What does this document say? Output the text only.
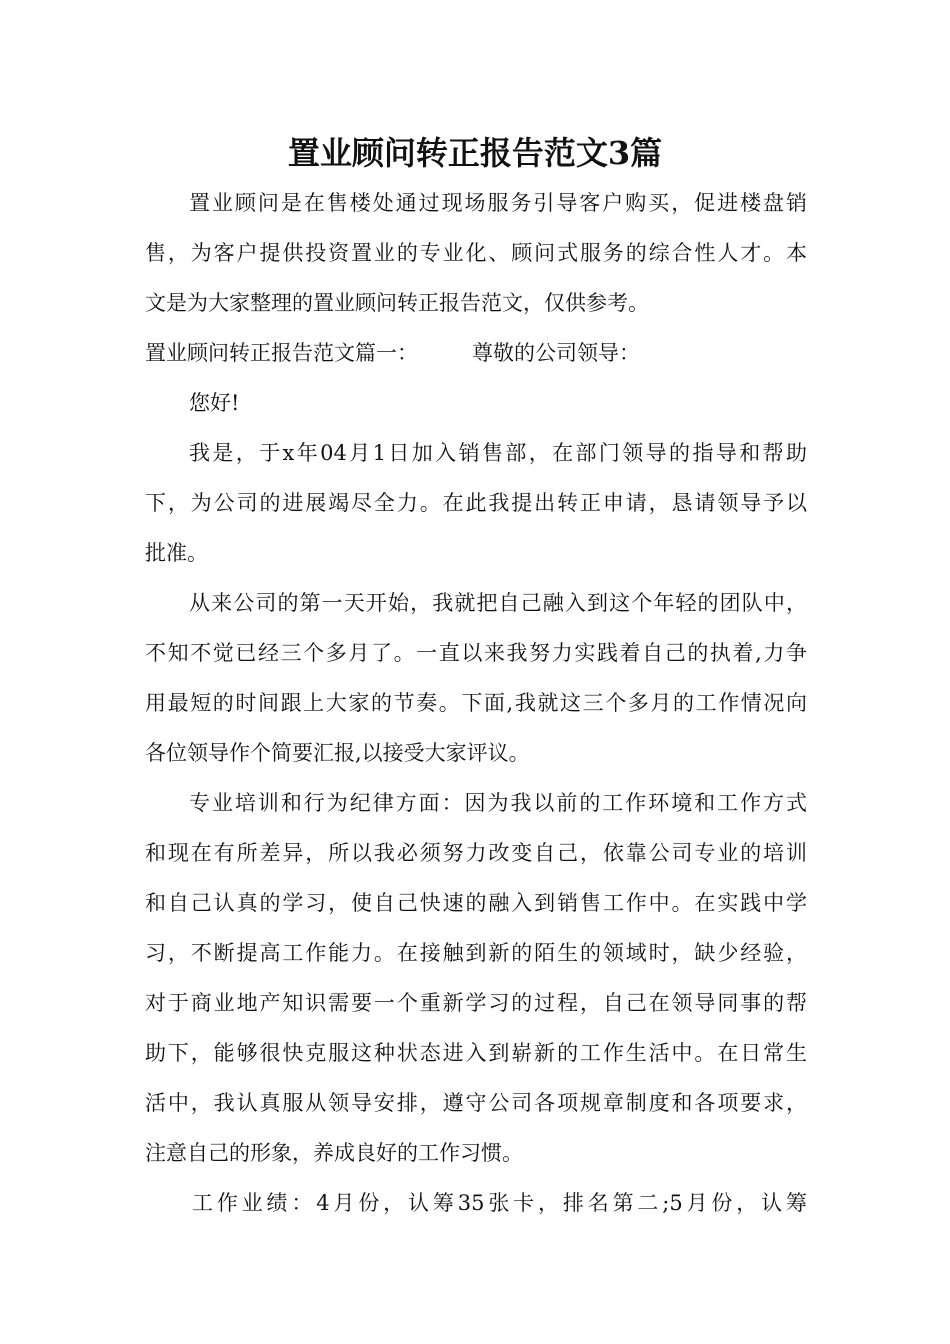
置业顾问转正报告范文3篇
置业顾问是在售楼处通过现场服务引导客户购买，促进楼盘销
售，为客户提供投资置业的专业化、顾问式服务的综合性人才。本
文是为大家整理的置业顾问转正报告范文，仅供参考。
置业顾问转正报告范文篇一：	尊敬的公司领导：
您好!
我是，于x年04月1日加入销售部，在部门领导的指导和帮助
下，为公司的进展竭尽全力。在此我提出转正申请，恳请领导予以
批准。
从来公司的第一天开始，我就把自己融入到这个年轻的团队中，
不知不觉已经三个多月了。一直以来我努力实践着自己的执着,力争
用最短的时间跟上大家的节奏。下面,我就这三个多月的工作情况向
各位领导作个简要汇报,以接受大家评议。
专业培训和行为纪律方面：因为我以前的工作环境和工作方式
和现在有所差异，所以我必须努力改变自己，依靠公司专业的培训
和自己认真的学习，使自己快速的融入到销售工作中。在实践中学
习，不断提高工作能力。在接触到新的陌生的领域时，缺少经验，
对于商业地产知识需要一个重新学习的过程，自己在领导同事的帮
助下，能够很快克服这种状态进入到崭新的工作生活中。在日常生
活中，我认真服从领导安排，遵守公司各项规章制度和各项要求，
注意自己的形象，养成良好的工作习惯。
工作业绩：4月份，认筹35张卡，排名第二;5月份，认筹
